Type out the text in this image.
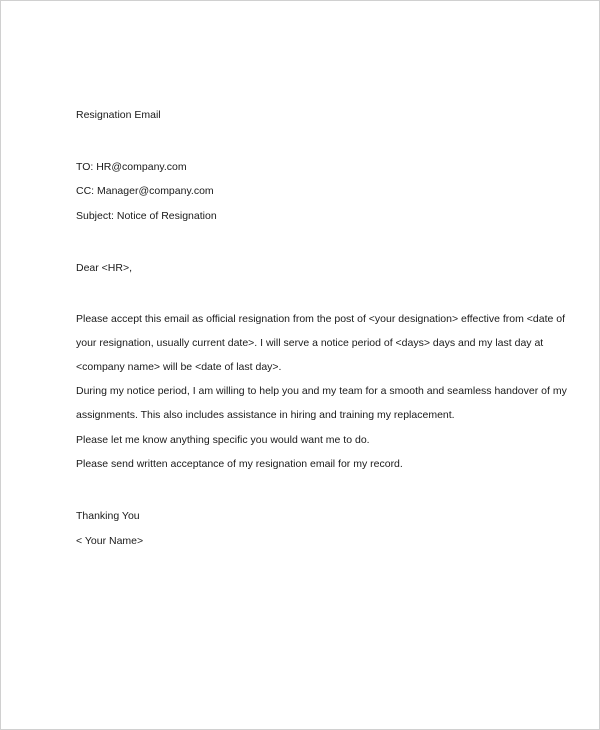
Resignation Email

TO: HR@company.com

CC: Manager@company.com

Subject: Notice of Resignation

Dear <HR>,

Please accept this email as official resignation from the post of <your designation> effective from <date of

your resignation, usually current date>. I will serve a notice period of <days> days and my last day at

<company name> will be <date of last day>.

During my notice period, I am willing to help you and my team for a smooth and seamless handover of my

assignments. This also includes assistance in hiring and training my replacement.

Please let me know anything specific you would want me to do.

Please send written acceptance of my resignation email for my record.

Thanking You

< Your Name>
